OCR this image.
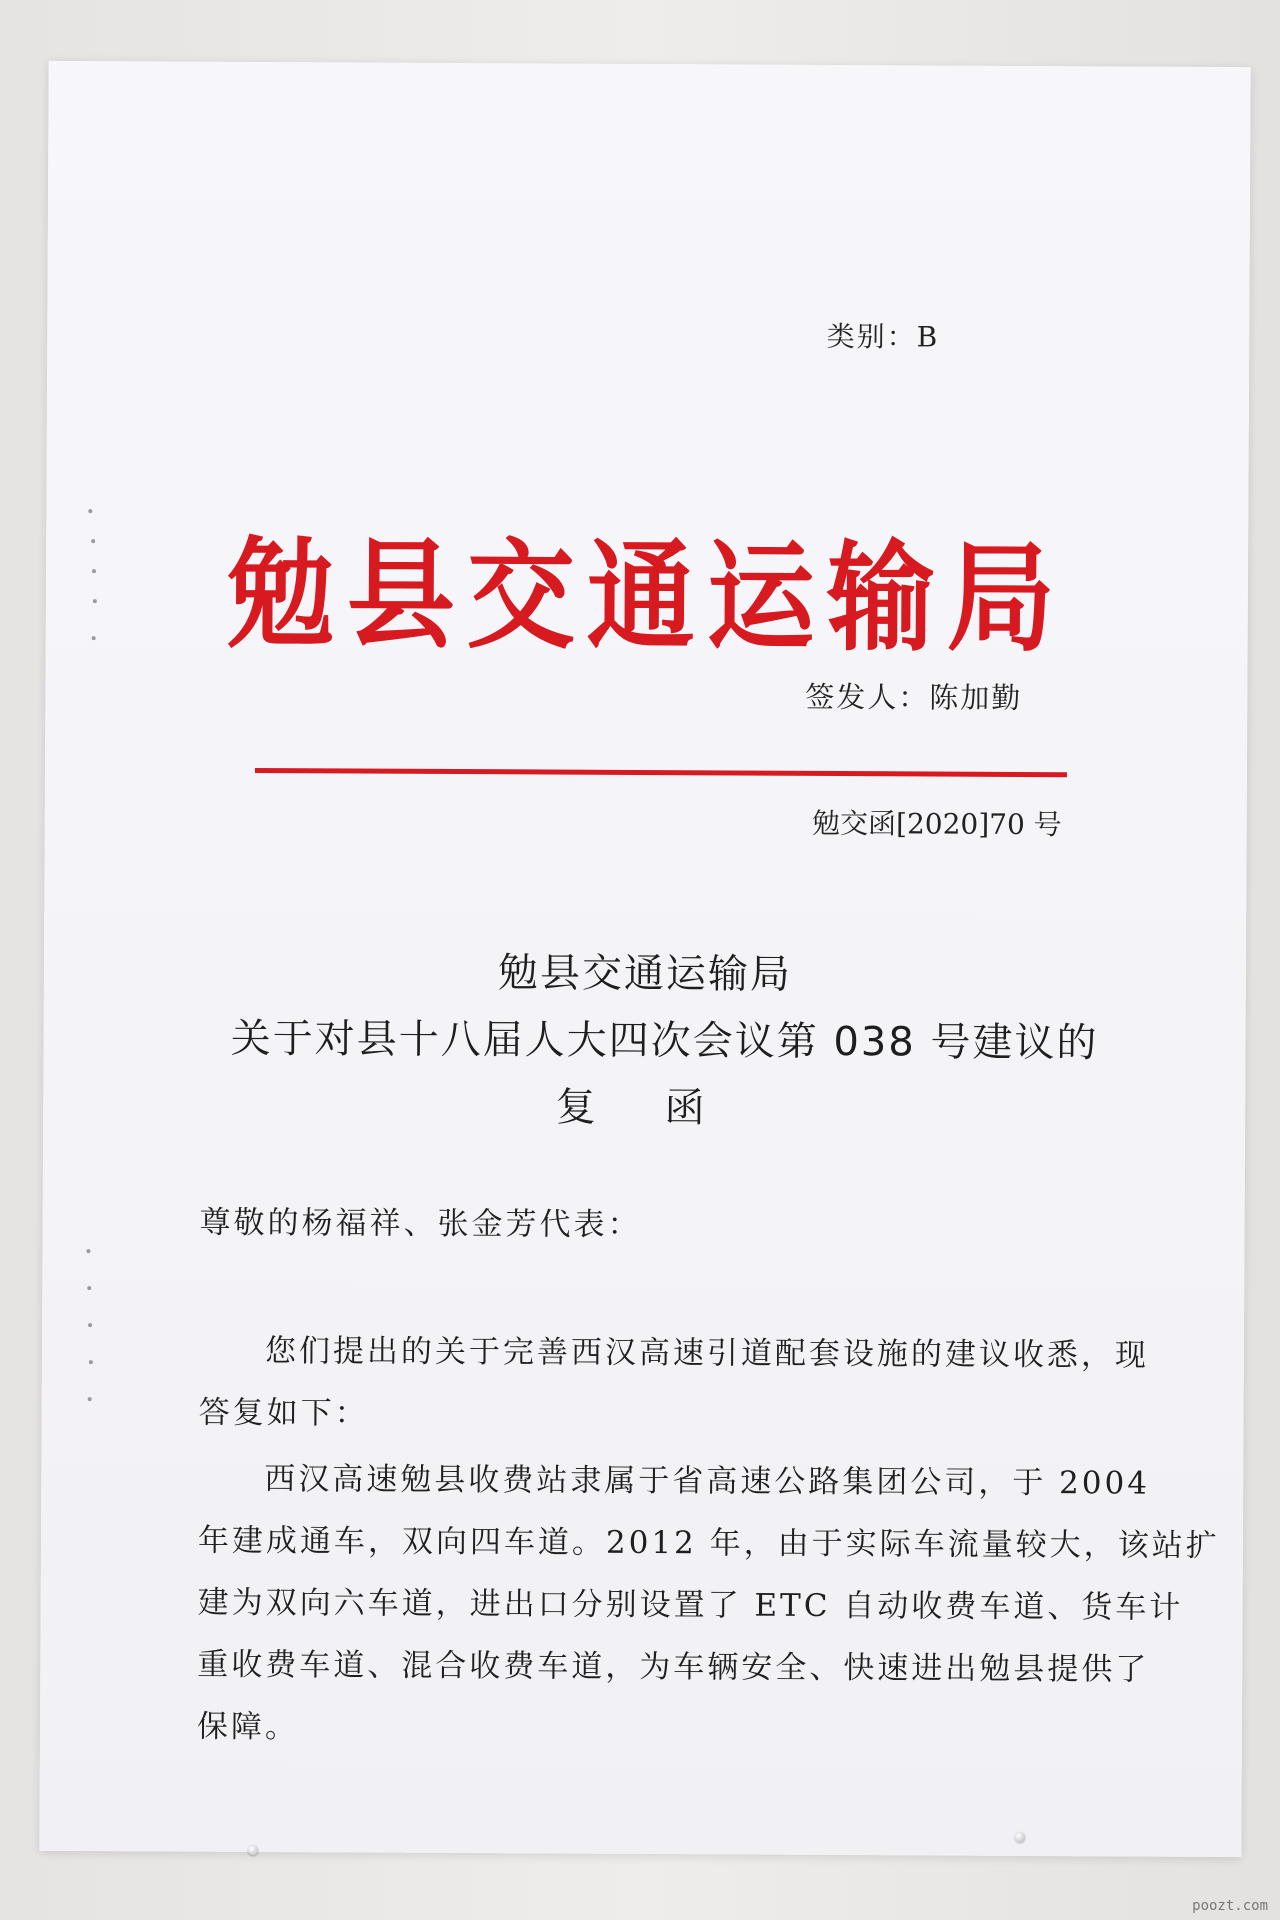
类别：B
勉县交通运输局
签发人：陈加勤
勉交函[2020]70 号
勉县交通运输局
关于对县十八届人大四次会议第 038 号建议的
复 函
尊敬的杨福祥、张金芳代表：
您们提出的关于完善西汉高速引道配套设施的建议收悉，现
答复如下：
西汉高速勉县收费站隶属于省高速公路集团公司，于 2004
年建成通车，双向四车道。2012 年，由于实际车流量较大，该站扩
建为双向六车道，进出口分别设置了 ETC 自动收费车道、货车计
重收费车道、混合收费车道，为车辆安全、快速进出勉县提供了
保障。
poozt.com
